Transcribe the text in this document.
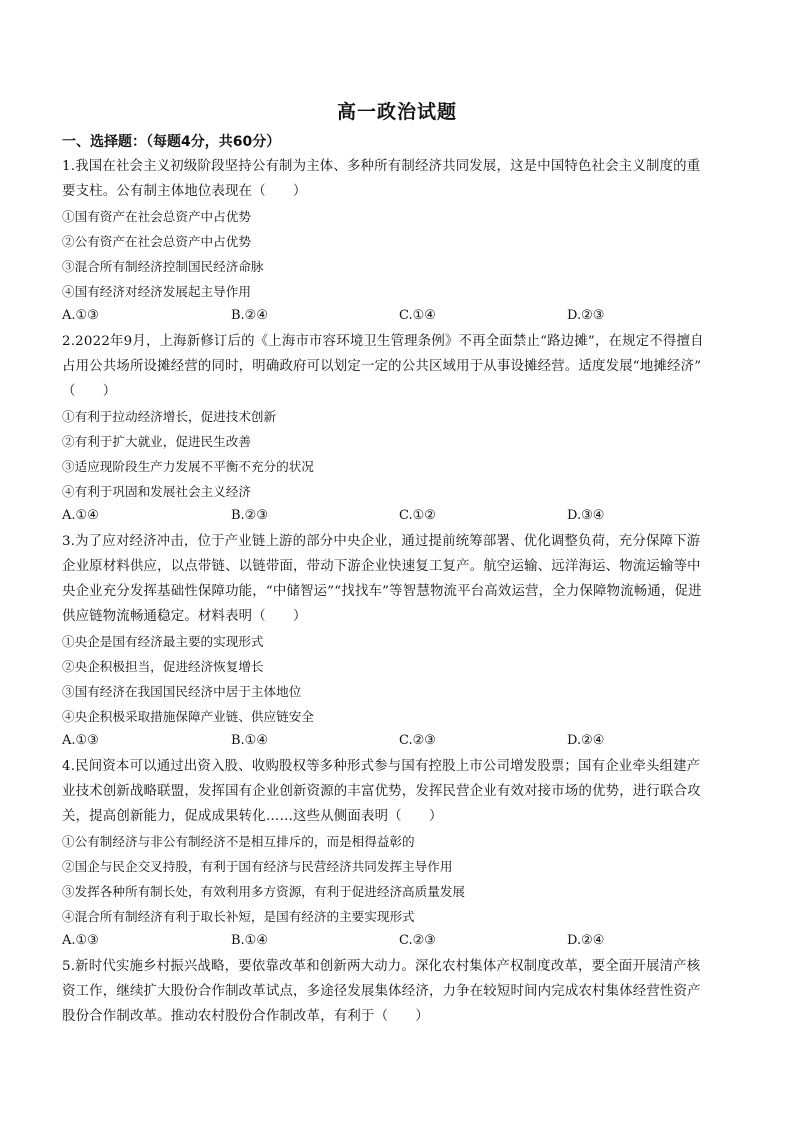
高一政治试题
一、选择题：（每题4分，共60分）
1.我国在社会主义初级阶段坚持公有制为主体、多种所有制经济共同发展，这是中国特色社会主义制度的重
要支柱。公有制主体地位表现在（　　）
①国有资产在社会总资产中占优势
②公有资产在社会总资产中占优势
③混合所有制经济控制国民经济命脉
④国有经济对经济发展起主导作用
A.①③	B.②④	C.①④	D.②③
2.2022年9月，上海新修订后的《上海市市容环境卫生管理条例》不再全面禁止“路边摊”，在规定不得擅自
占用公共场所设摊经营的同时，明确政府可以划定一定的公共区域用于从事设摊经营。适度发展“地摊经济”
（　　）
①有利于拉动经济增长，促进技术创新
②有利于扩大就业，促进民生改善
③适应现阶段生产力发展不平衡不充分的状况
④有利于巩固和发展社会主义经济
A.①④	B.②③	C.①②	D.③④
3.为了应对经济冲击，位于产业链上游的部分中央企业，通过提前统筹部署、优化调整负荷，充分保障下游
企业原材料供应，以点带链、以链带面，带动下游企业快速复工复产。航空运输、远洋海运、物流运输等中
央企业充分发挥基础性保障功能，“中储智运”“找找车”等智慧物流平台高效运营，全力保障物流畅通，促进
供应链物流畅通稳定。材料表明（　　）
①央企是国有经济最主要的实现形式
②央企积极担当，促进经济恢复增长
③国有经济在我国国民经济中居于主体地位
④央企积极采取措施保障产业链、供应链安全
A.①③	B.①④	C.②③	D.②④
4.民间资本可以通过出资入股、收购股权等多种形式参与国有控股上市公司增发股票；国有企业牵头组建产
业技术创新战略联盟，发挥国有企业创新资源的丰富优势，发挥民营企业有效对接市场的优势，进行联合攻
关，提高创新能力，促成成果转化……这些从侧面表明（　　）
①公有制经济与非公有制经济不是相互排斥的，而是相得益彰的
②国企与民企交叉持股，有利于国有经济与民营经济共同发挥主导作用
③发挥各种所有制长处，有效利用多方资源，有利于促进经济高质量发展
④混合所有制经济有利于取长补短，是国有经济的主要实现形式
A.①③	B.①④	C.②③	D.②④
5.新时代实施乡村振兴战略，要依靠改革和创新两大动力。深化农村集体产权制度改革，要全面开展清产核
资工作，继续扩大股份合作制改革试点，多途径发展集体经济，力争在较短时间内完成农村集体经营性资产
股份合作制改革。推动农村股份合作制改革，有利于（　　）
